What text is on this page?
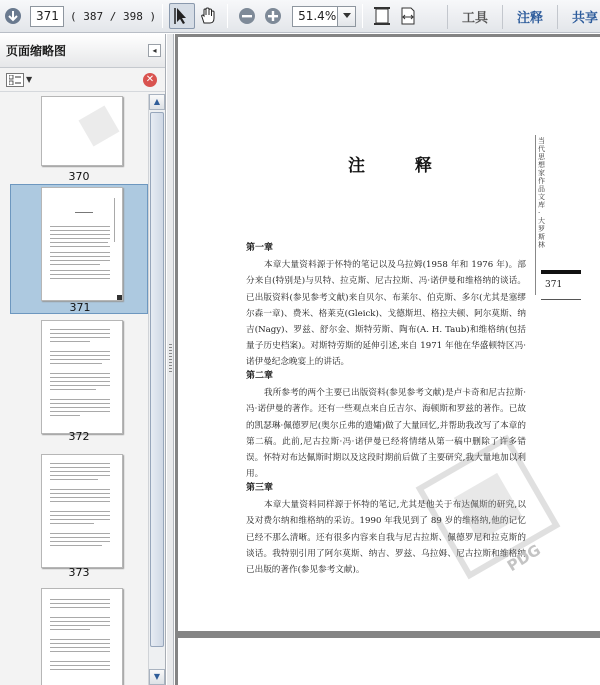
371	( 387 / 398 )	51.4%	工具	注释	共享
页面缩略图	◂
▼	✕
370
371
372
373
▲
▼
当代思想家作品文库·大罗斯林
371
注 释
第一章

本章大量资料源于怀特的笔记以及乌拉姆(1958 年和 1976 年)。部分来自(特别是)与贝特、拉克斯、尼古拉斯、冯·诺伊曼和维格纳的谈话。已出版资料(参见参考文献)来自贝尔、布莱尔、伯克斯、多尔(尤其是塞缪尔森一章)、费米、格莱克(Gleick)、戈德斯坦、格拉夫顿、阿尔莫斯、纳吉(Nagy)、罗兹、舒尔金、斯特劳斯、陶布(A. H. Taub)和维格纳(包括量子历史档案)。对斯特劳斯的延伸引述,来自 1971 年他在华盛顿特区冯·诺伊曼纪念晚宴上的讲话。

第二章

我所参考的两个主要已出版资料(参见参考文献)是卢卡奇和尼古拉斯·冯·诺伊曼的著作。还有一些观点来自丘吉尔、海顿斯和罗兹的著作。已故的凯瑟琳·佩德罗尼(奥尔丘弗的遗孀)做了大量回忆,并帮助我改写了本章的第二稿。此前,尼古拉斯·冯·诺伊曼已经将情绪从第一稿中删除了许多错误。怀特对布达佩斯时期以及这段时期前后做了主要研究,我大量地加以利用。

第三章

本章大量资料同样源于怀特的笔记,尤其是他关于布达佩斯的研究,以及对费尔纳和维格纳的采访。1990 年我见到了 89 岁的维格纳,他的记忆已经不那么清晰。还有很多内容来自我与尼古拉斯、佩德罗尼和拉克斯的谈话。我特别引用了阿尔莫斯、纳吉、罗兹、乌拉姆、尼古拉斯和维格纳已出版的著作(参见参考文献)。	PDG
